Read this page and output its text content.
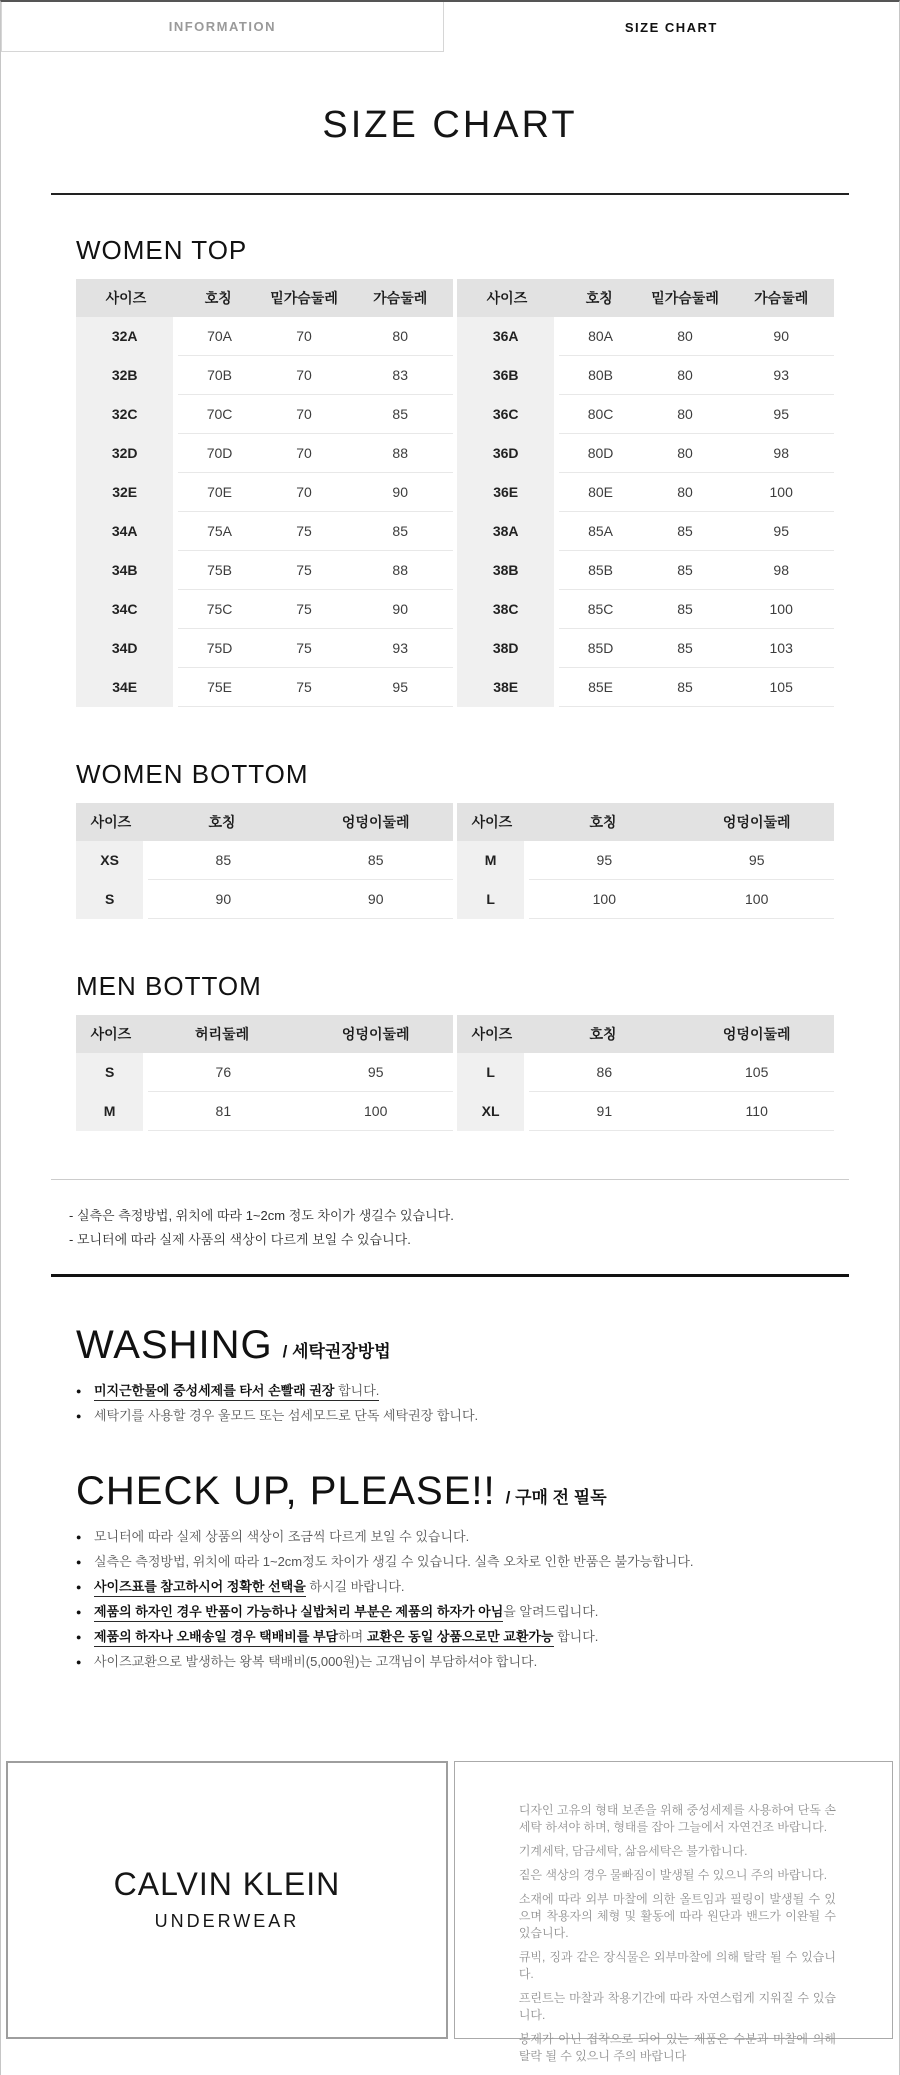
INFORMATION	SIZE CHART
SIZE CHART
WOMEN TOP
사이즈	호칭	밑가슴둘레	가슴둘레
32A	70A	70	80
32B	70B	70	83
32C	70C	70	85
32D	70D	70	88
32E	70E	70	90
34A	75A	75	85
34B	75B	75	88
34C	75C	75	90
34D	75D	75	93
34E	75E	75	95
사이즈	호칭	밑가슴둘레	가슴둘레
36A	80A	80	90
36B	80B	80	93
36C	80C	80	95
36D	80D	80	98
36E	80E	80	100
38A	85A	85	95
38B	85B	85	98
38C	85C	85	100
38D	85D	85	103
38E	85E	85	105
WOMEN BOTTOM
사이즈	호칭	엉덩이둘레
XS	85	85
S	90	90
사이즈	호칭	엉덩이둘레
M	95	95
L	100	100
MEN BOTTOM
사이즈	허리둘레	엉덩이둘레
S	76	95
M	81	100
사이즈	호칭	엉덩이둘레
L	86	105
XL	91	110
- 실측은 측정방법, 위치에 따라 1~2cm 정도 차이가 생길수 있습니다.
- 모니터에 따라 실제 사품의 색상이 다르게 보일 수 있습니다.
WASHING / 세탁권장방법
● 미지근한물에 중성세제를 타서 손빨래 권장 합니다.
● 세탁기를 사용할 경우 울모드 또는 섬세모드로 단독 세탁권장 합니다.
CHECK UP, PLEASE!! / 구매 전 필독
● 모니터에 따라 실제 상품의 색상이 조금씩 다르게 보일 수 있습니다.
● 실측은 측정방법, 위치에 따라 1~2cm정도 차이가 생길 수 있습니다. 실측 오차로 인한 반품은 불가능합니다.
● 사이즈표를 참고하시어 정확한 선택을 하시길 바랍니다.
● 제품의 하자인 경우 반품이 가능하나 실밥처리 부분은 제품의 하자가 아님을 알려드립니다.
● 제품의 하자나 오배송일 경우 택배비를 부담하며 교환은 동일 상품으로만 교환가능 합니다.
● 사이즈교환으로 발생하는 왕복 택배비(5,000원)는 고객님이 부담하셔야 합니다.
CALVIN KLEIN
UNDERWEAR

디자인 고유의 형태 보존을 위해 중성세제를 사용하여 단독 손세탁 하셔야 하며, 형태를 잡아 그늘에서 자연건조 바랍니다.

기계세탁, 담금세탁, 삶음세탁은 불가합니다.

짙은 색상의 경우 물빠짐이 발생될 수 있으니 주의 바랍니다.

소재에 따라 외부 마찰에 의한 올트임과 필링이 발생될 수 있으며 착용자의 체형 및 활동에 따라 원단과 밴드가 이완될 수 있습니다.

큐빅, 징과 같은 장식물은 외부마찰에 의해 탈락 될 수 있습니다.

프린트는 마찰과 착용기간에 따라 자연스럽게 지워질 수 있습니다.

봉제가 아닌 접착으로 되어 있는 제품은 수분과 마찰에 의해 탈락 될 수 있으니 주의 바랍니다
